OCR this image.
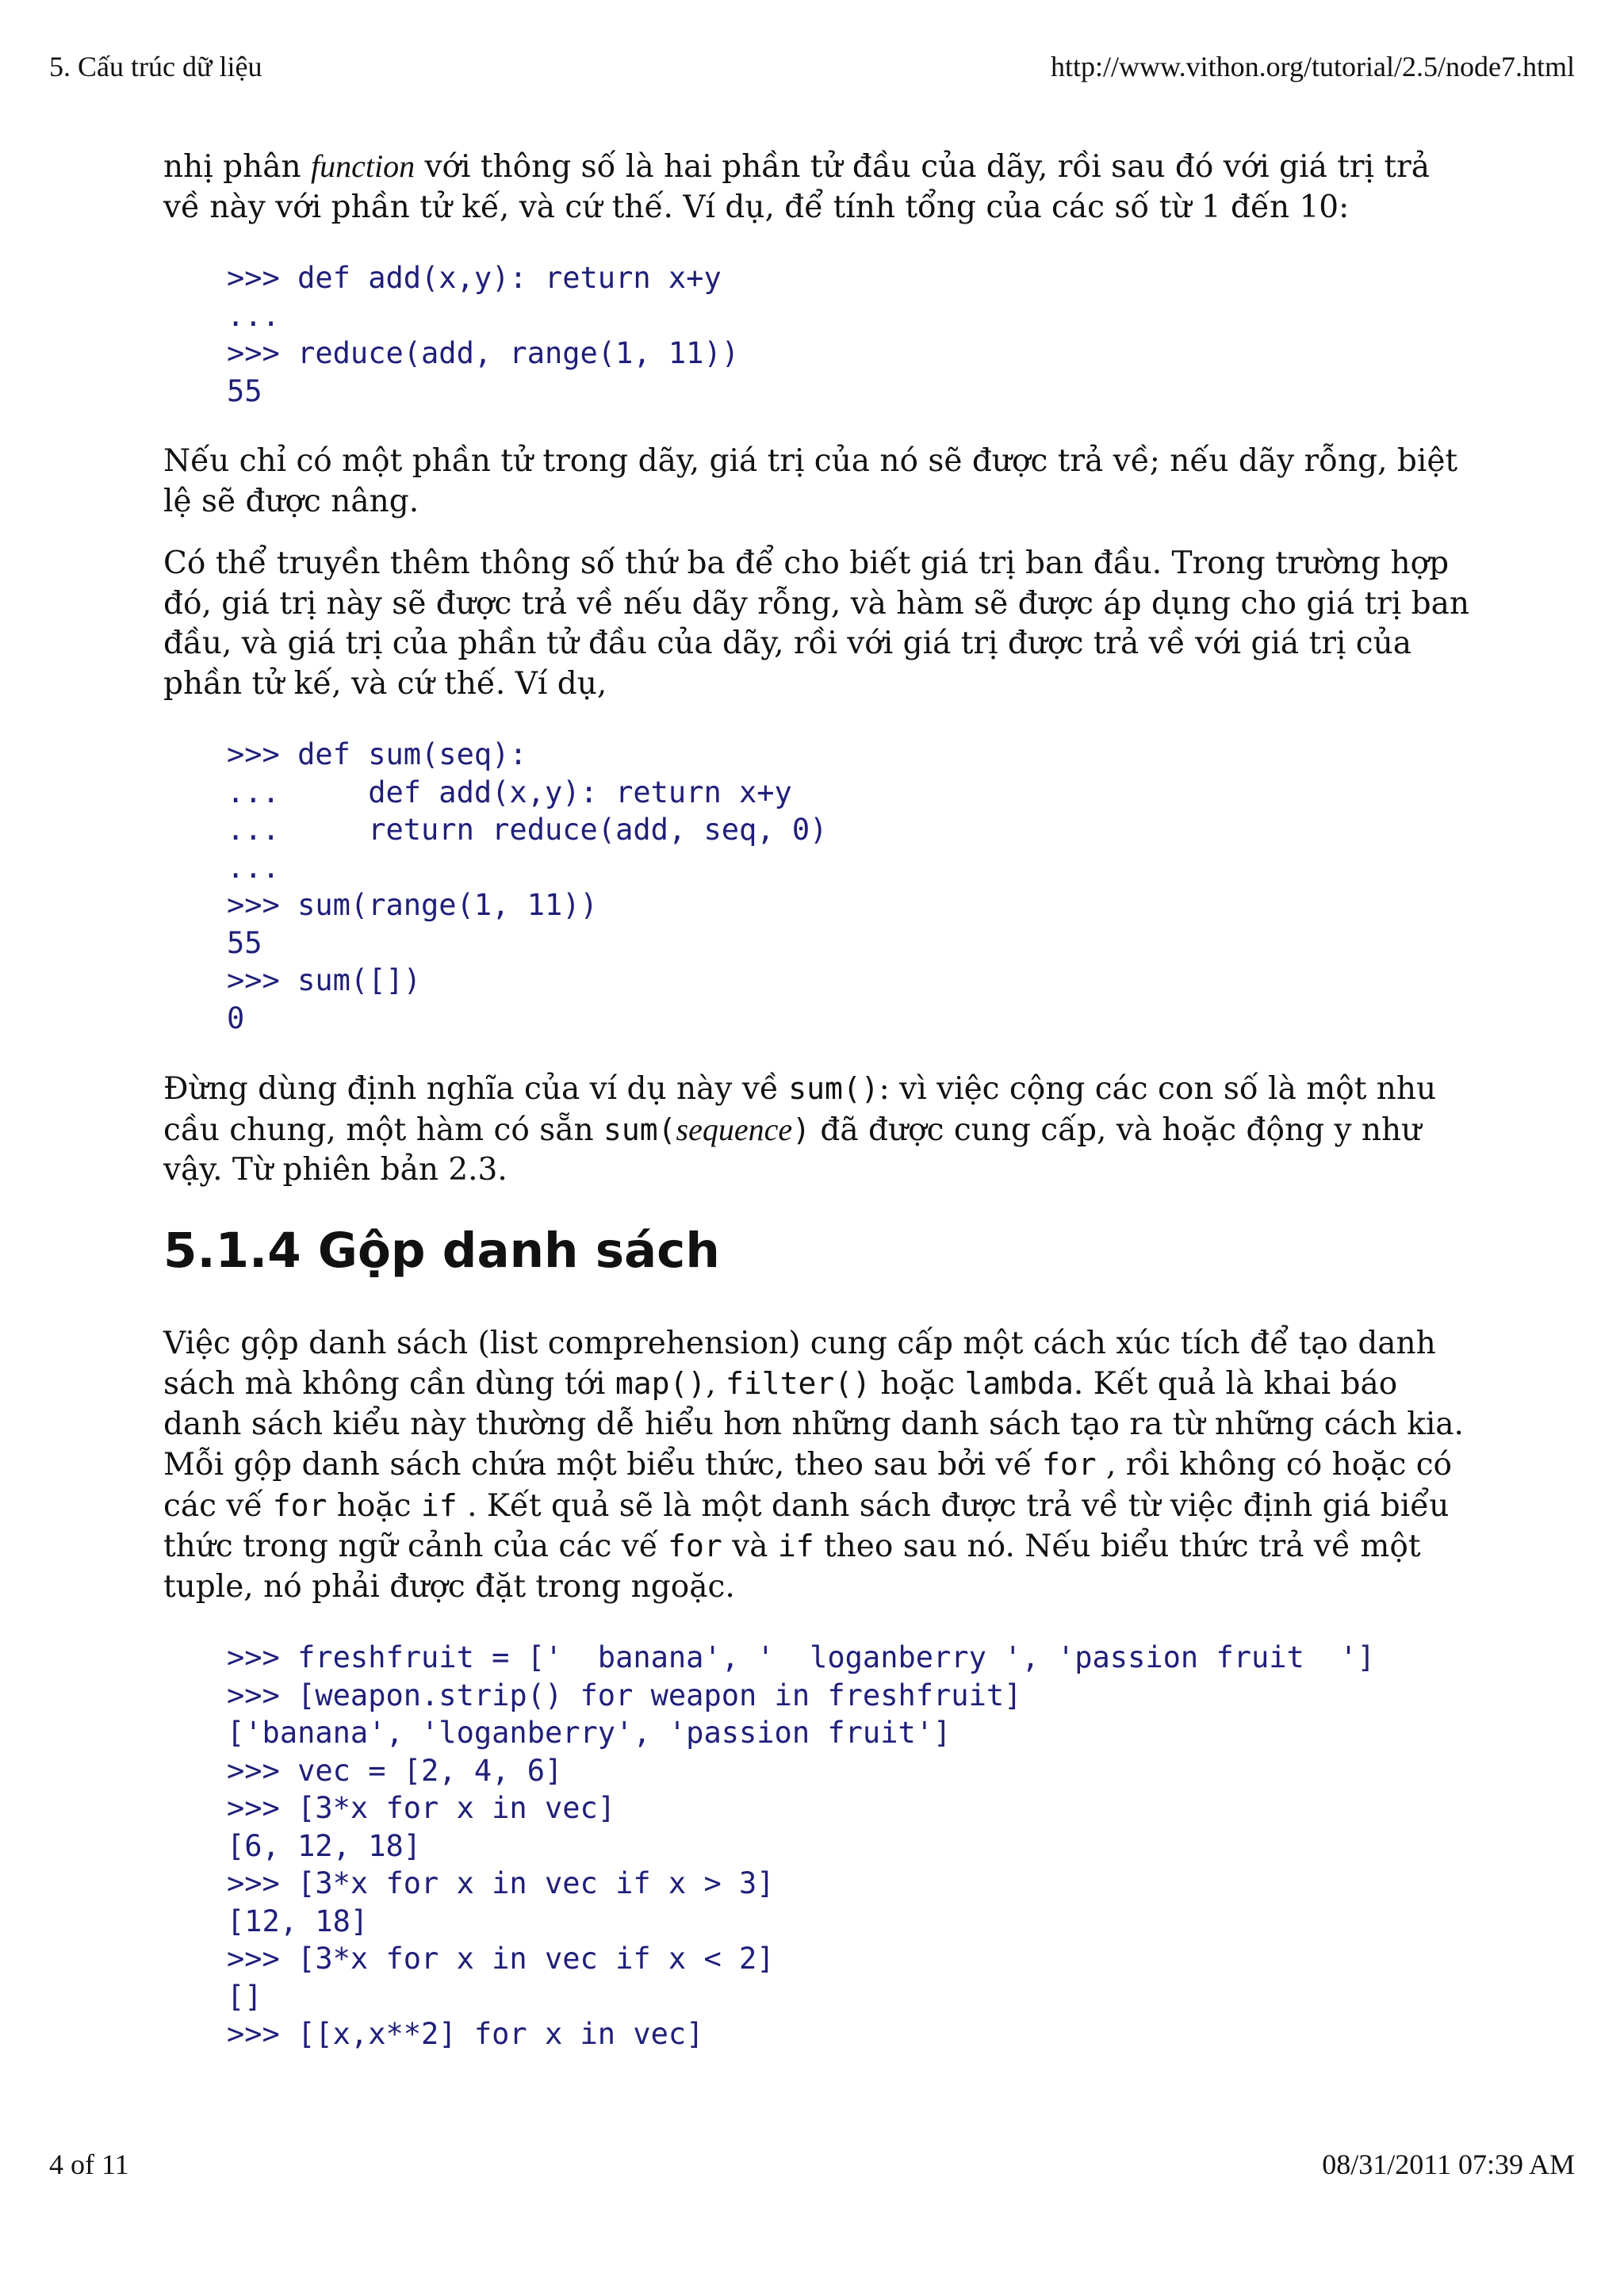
5. Cấu trúc dữ liệu	http://www.vithon.org/tutorial/2.5/node7.html

nhị phân function với thông số là hai phần tử đầu của dãy, rồi sau đó với giá trị trả về này với phần tử kế, và cứ thế. Ví dụ, để tính tổng của các số từ 1 đến 10:

>>> def add(x,y): return x+y
...
>>> reduce(add, range(1, 11))
55

Nếu chỉ có một phần tử trong dãy, giá trị của nó sẽ được trả về; nếu dãy rỗng, biệt lệ sẽ được nâng.

Có thể truyền thêm thông số thứ ba để cho biết giá trị ban đầu. Trong trường hợp đó, giá trị này sẽ được trả về nếu dãy rỗng, và hàm sẽ được áp dụng cho giá trị ban đầu, và giá trị của phần tử đầu của dãy, rồi với giá trị được trả về với giá trị của phần tử kế, và cứ thế. Ví dụ,

>>> def sum(seq):
...     def add(x,y): return x+y
...     return reduce(add, seq, 0)
...
>>> sum(range(1, 11))
55
>>> sum([])
0

Đừng dùng định nghĩa của ví dụ này về sum(): vì việc cộng các con số là một nhu cầu chung, một hàm có sẵn sum(sequence) đã được cung cấp, và hoặc động y như vậy. Từ phiên bản 2.3.

5.1.4 Gộp danh sách

Việc gộp danh sách (list comprehension) cung cấp một cách xúc tích để tạo danh sách mà không cần dùng tới map(), filter() hoặc lambda. Kết quả là khai báo danh sách kiểu này thường dễ hiểu hơn những danh sách tạo ra từ những cách kia. Mỗi gộp danh sách chứa một biểu thức, theo sau bởi vế for , rồi không có hoặc có các vế for hoặc if . Kết quả sẽ là một danh sách được trả về từ việc định giá biểu thức trong ngữ cảnh của các vế for và if theo sau nó. Nếu biểu thức trả về một tuple, nó phải được đặt trong ngoặc.

>>> freshfruit = ['  banana', '  loganberry ', 'passion fruit  ']
>>> [weapon.strip() for weapon in freshfruit]
['banana', 'loganberry', 'passion fruit']
>>> vec = [2, 4, 6]
>>> [3*x for x in vec]
[6, 12, 18]
>>> [3*x for x in vec if x > 3]
[12, 18]
>>> [3*x for x in vec if x < 2]
[]
>>> [[x,x**2] for x in vec]
4 of 11	08/31/2011 07:39 AM
